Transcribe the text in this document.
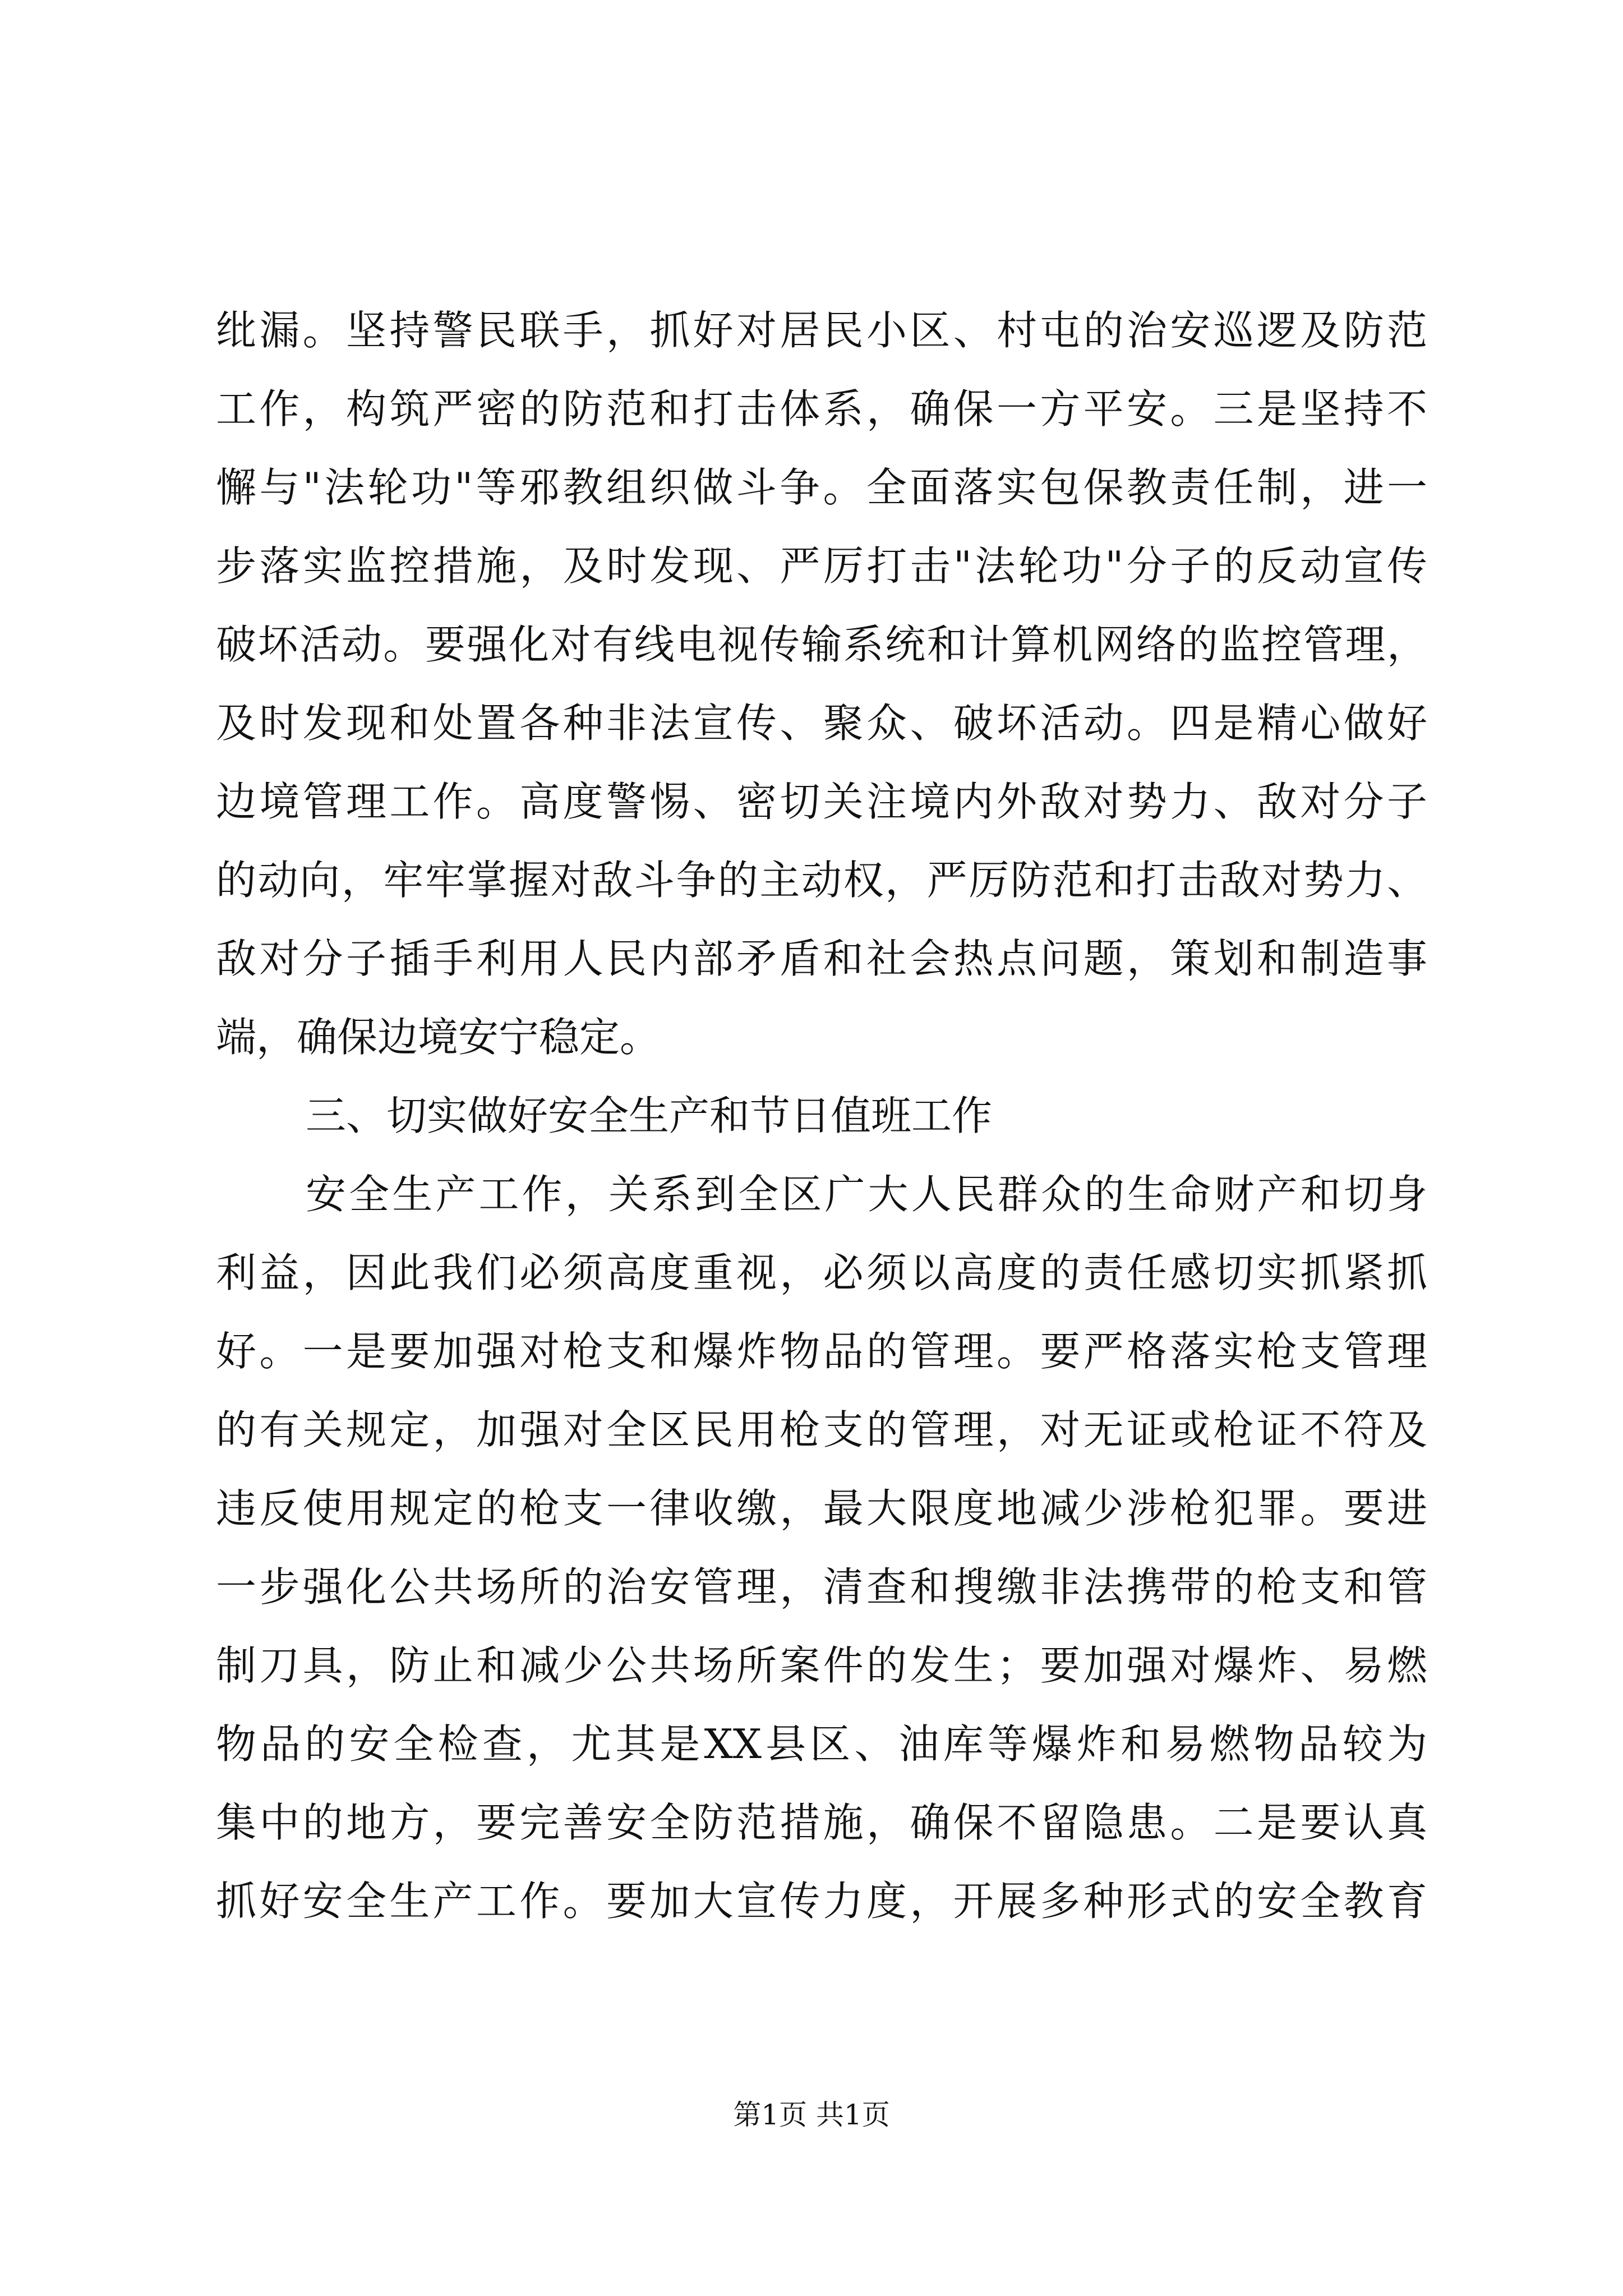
纰漏。坚持警民联手，抓好对居民小区、村屯的治安巡逻及防范
工作，构筑严密的防范和打击体系，确保一方平安。三是坚持不
懈与"法轮功"等邪教组织做斗争。全面落实包保教责任制，进一
步落实监控措施，及时发现、严厉打击"法轮功"分子的反动宣传
破坏活动。要强化对有线电视传输系统和计算机网络的监控管理，
及时发现和处置各种非法宣传、聚众、破坏活动。四是精心做好
边境管理工作。高度警惕、密切关注境内外敌对势力、敌对分子
的动向，牢牢掌握对敌斗争的主动权，严厉防范和打击敌对势力、
敌对分子插手利用人民内部矛盾和社会热点问题，策划和制造事
端，确保边境安宁稳定。
三、切实做好安全生产和节日值班工作
安全生产工作，关系到全区广大人民群众的生命财产和切身
利益，因此我们必须高度重视，必须以高度的责任感切实抓紧抓
好。一是要加强对枪支和爆炸物品的管理。要严格落实枪支管理
的有关规定，加强对全区民用枪支的管理，对无证或枪证不符及
违反使用规定的枪支一律收缴，最大限度地减少涉枪犯罪。要进
一步强化公共场所的治安管理，清查和搜缴非法携带的枪支和管
制刀具，防止和减少公共场所案件的发生；要加强对爆炸、易燃
物品的安全检查，尤其是XX县区、油库等爆炸和易燃物品较为
集中的地方，要完善安全防范措施，确保不留隐患。二是要认真
抓好安全生产工作。要加大宣传力度，开展多种形式的安全教育
第1页 共1页
